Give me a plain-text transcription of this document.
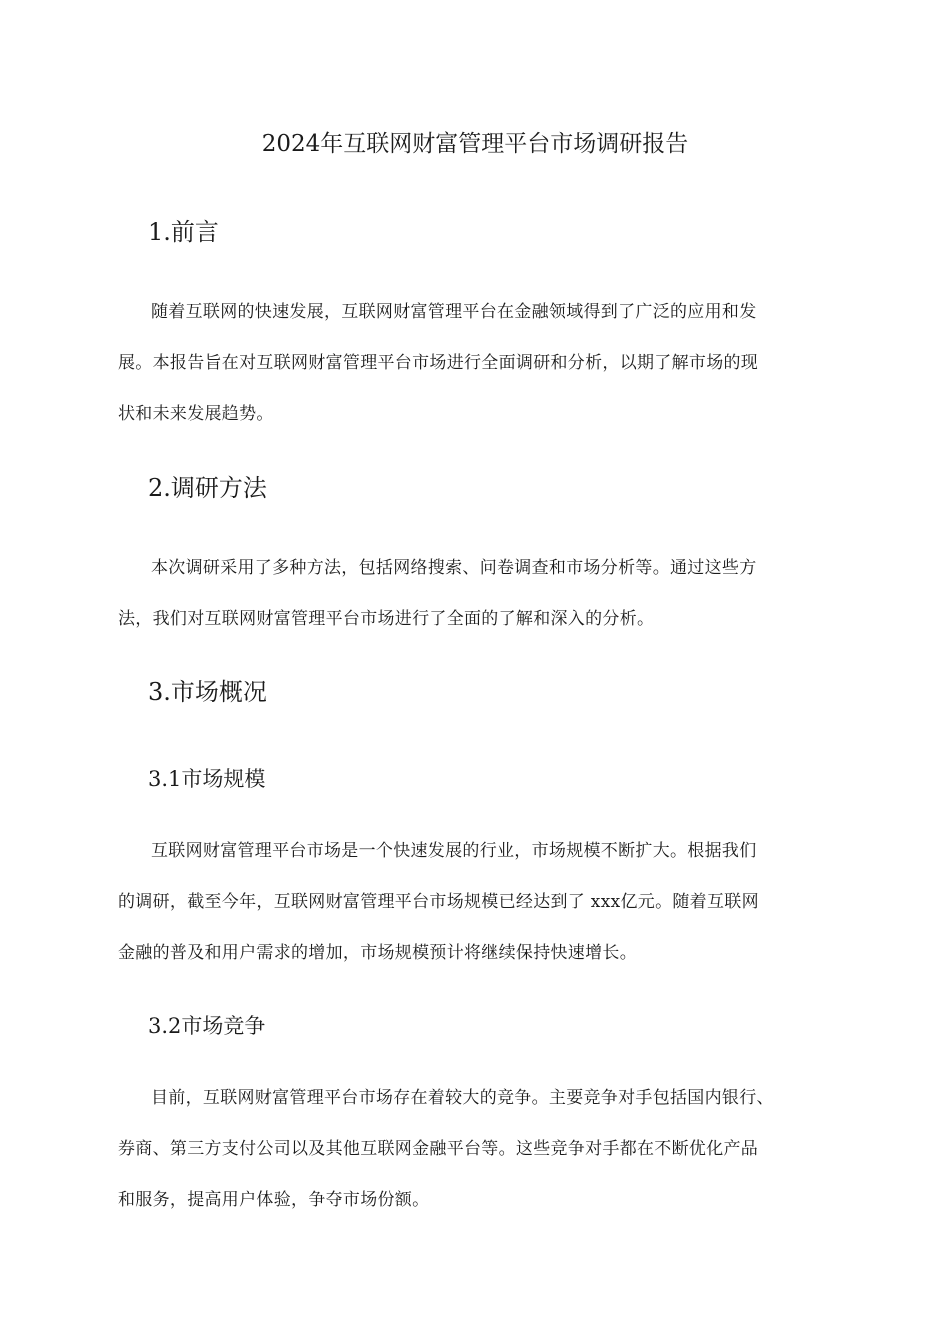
2024年互联网财富管理平台市场调研报告
1.前言

随着互联网的快速发展，互联网财富管理平台在金融领域得到了广泛的应用和发
展。本报告旨在对互联网财富管理平台市场进行全面调研和分析，以期了解市场的现
状和未来发展趋势。

2.调研方法

本次调研采用了多种方法，包括网络搜索、问卷调查和市场分析等。通过这些方
法，我们对互联网财富管理平台市场进行了全面的了解和深入的分析。

3.市场概况
3.1市场规模

互联网财富管理平台市场是一个快速发展的行业，市场规模不断扩大。根据我们
的调研，截至今年，互联网财富管理平台市场规模已经达到了 xxx亿元。随着互联网
金融的普及和用户需求的增加，市场规模预计将继续保持快速增长。

3.2市场竞争

目前，互联网财富管理平台市场存在着较大的竞争。主要竞争对手包括国内银行、
券商、第三方支付公司以及其他互联网金融平台等。这些竞争对手都在不断优化产品
和服务，提高用户体验，争夺市场份额。
